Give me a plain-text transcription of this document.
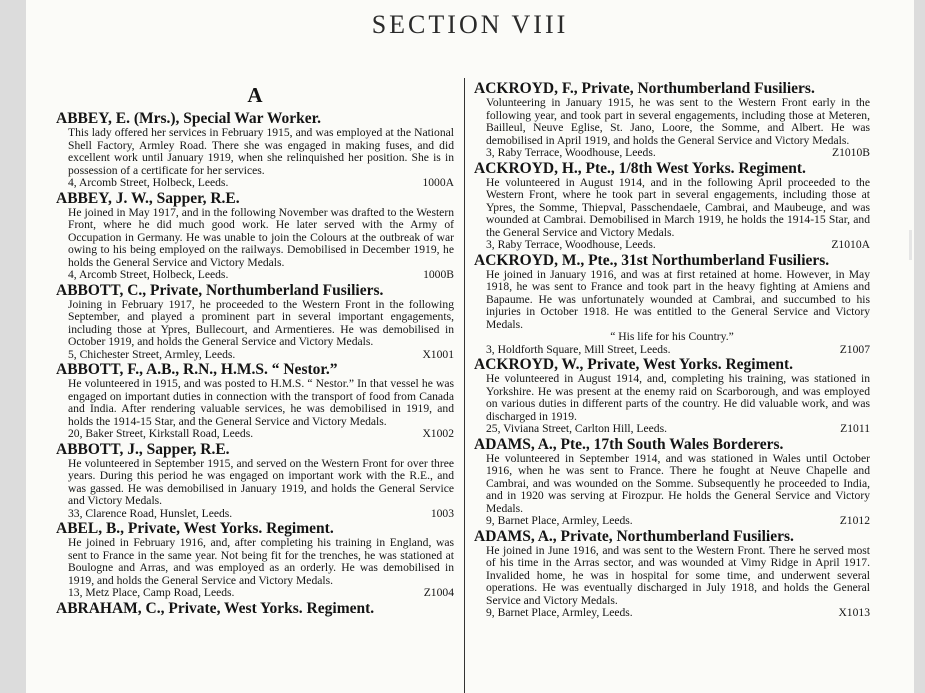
SECTION VIII
A
ABBEY, E. (Mrs.), Special War Worker.
This lady offered her services in February 1915, and was employed at the National Shell Factory, Armley Road. There she was engaged in making fuses, and did excellent work until January 1919, when she relinquished her position. She is in possession of a certificate for her services.
4, Arcomb Street, Holbeck, Leeds.	1000A
ABBEY, J. W., Sapper, R.E.
He joined in May 1917, and in the following November was drafted to the Western Front, where he did much good work. He later served with the Army of Occupation in Germany. He was unable to join the Colours at the outbreak of war owing to his being employed on the railways. Demobilised in December 1919, he holds the General Service and Victory Medals.
4, Arcomb Street, Holbeck, Leeds.	1000B
ABBOTT, C., Private, Northumberland Fusiliers.
Joining in February 1917, he proceeded to the Western Front in the following September, and played a prominent part in several important engagements, including those at Ypres, Bullecourt, and Armentieres. He was demobilised in October 1919, and holds the General Service and Victory Medals.
5, Chichester Street, Armley, Leeds.	X1001
ABBOTT, F., A.B., R.N., H.M.S. “ Nestor.”
He volunteered in 1915, and was posted to H.M.S. “ Nestor.” In that vessel he was engaged on important duties in connection with the transport of food from Canada and India. After rendering valuable services, he was demobilised in 1919, and holds the 1914-15 Star, and the General Service and Victory Medals.
20, Baker Street, Kirkstall Road, Leeds.	X1002
ABBOTT, J., Sapper, R.E.
He volunteered in September 1915, and served on the Western Front for over three years. During this period he was engaged on important work with the R.E., and was gassed. He was demobilised in January 1919, and holds the General Service and Victory Medals.
33, Clarence Road, Hunslet, Leeds.	1003
ABEL, B., Private, West Yorks. Regiment.
He joined in February 1916, and, after completing his training in England, was sent to France in the same year. Not being fit for the trenches, he was stationed at Boulogne and Arras, and was employed as an orderly. He was demobilised in 1919, and holds the General Service and Victory Medals.
13, Metz Place, Camp Road, Leeds.	Z1004
ABRAHAM, C., Private, West Yorks. Regiment.
ACKROYD, F., Private, Northumberland Fusiliers.
Volunteering in January 1915, he was sent to the Western Front early in the following year, and took part in several engagements, including those at Meteren, Bailleul, Neuve Eglise, St. Jano, Loore, the Somme, and Albert. He was demobilised in April 1919, and holds the General Service and Victory Medals.
3, Raby Terrace, Woodhouse, Leeds.	Z1010B
ACKROYD, H., Pte., 1/8th West Yorks. Regiment.
He volunteered in August 1914, and in the following April proceeded to the Western Front, where he took part in several engagements, including those at Ypres, the Somme, Thiepval, Passchendaele, Cambrai, and Maubeuge, and was wounded at Cambrai. Demobilised in March 1919, he holds the 1914-15 Star, and the General Service and Victory Medals.
3, Raby Terrace, Woodhouse, Leeds.	Z1010A
ACKROYD, M., Pte., 31st Northumberland Fusiliers.
He joined in January 1916, and was at first retained at home. However, in May 1918, he was sent to France and took part in the heavy fighting at Amiens and Bapaume. He was unfortunately wounded at Cambrai, and succumbed to his injuries in October 1918. He was entitled to the General Service and Victory Medals.
“ His life for his Country.”
3, Holdforth Square, Mill Street, Leeds.	Z1007
ACKROYD, W., Private, West Yorks. Regiment.
He volunteered in August 1914, and, completing his training, was stationed in Yorkshire. He was present at the enemy raid on Scarborough, and was employed on various duties in different parts of the country. He did valuable work, and was discharged in 1919.
25, Viviana Street, Carlton Hill, Leeds.	Z1011
ADAMS, A., Pte., 17th South Wales Borderers.
He volunteered in September 1914, and was stationed in Wales until October 1916, when he was sent to France. There he fought at Neuve Chapelle and Cambrai, and was wounded on the Somme. Subsequently he proceeded to India, and in 1920 was serving at Firozpur. He holds the General Service and Victory Medals.
9, Barnet Place, Armley, Leeds.	Z1012
ADAMS, A., Private, Northumberland Fusiliers.
He joined in June 1916, and was sent to the Western Front. There he served most of his time in the Arras sector, and was wounded at Vimy Ridge in April 1917. Invalided home, he was in hospital for some time, and underwent several operations. He was eventually discharged in July 1918, and holds the General Service and Victory Medals.
9, Barnet Place, Armley, Leeds.	X1013
